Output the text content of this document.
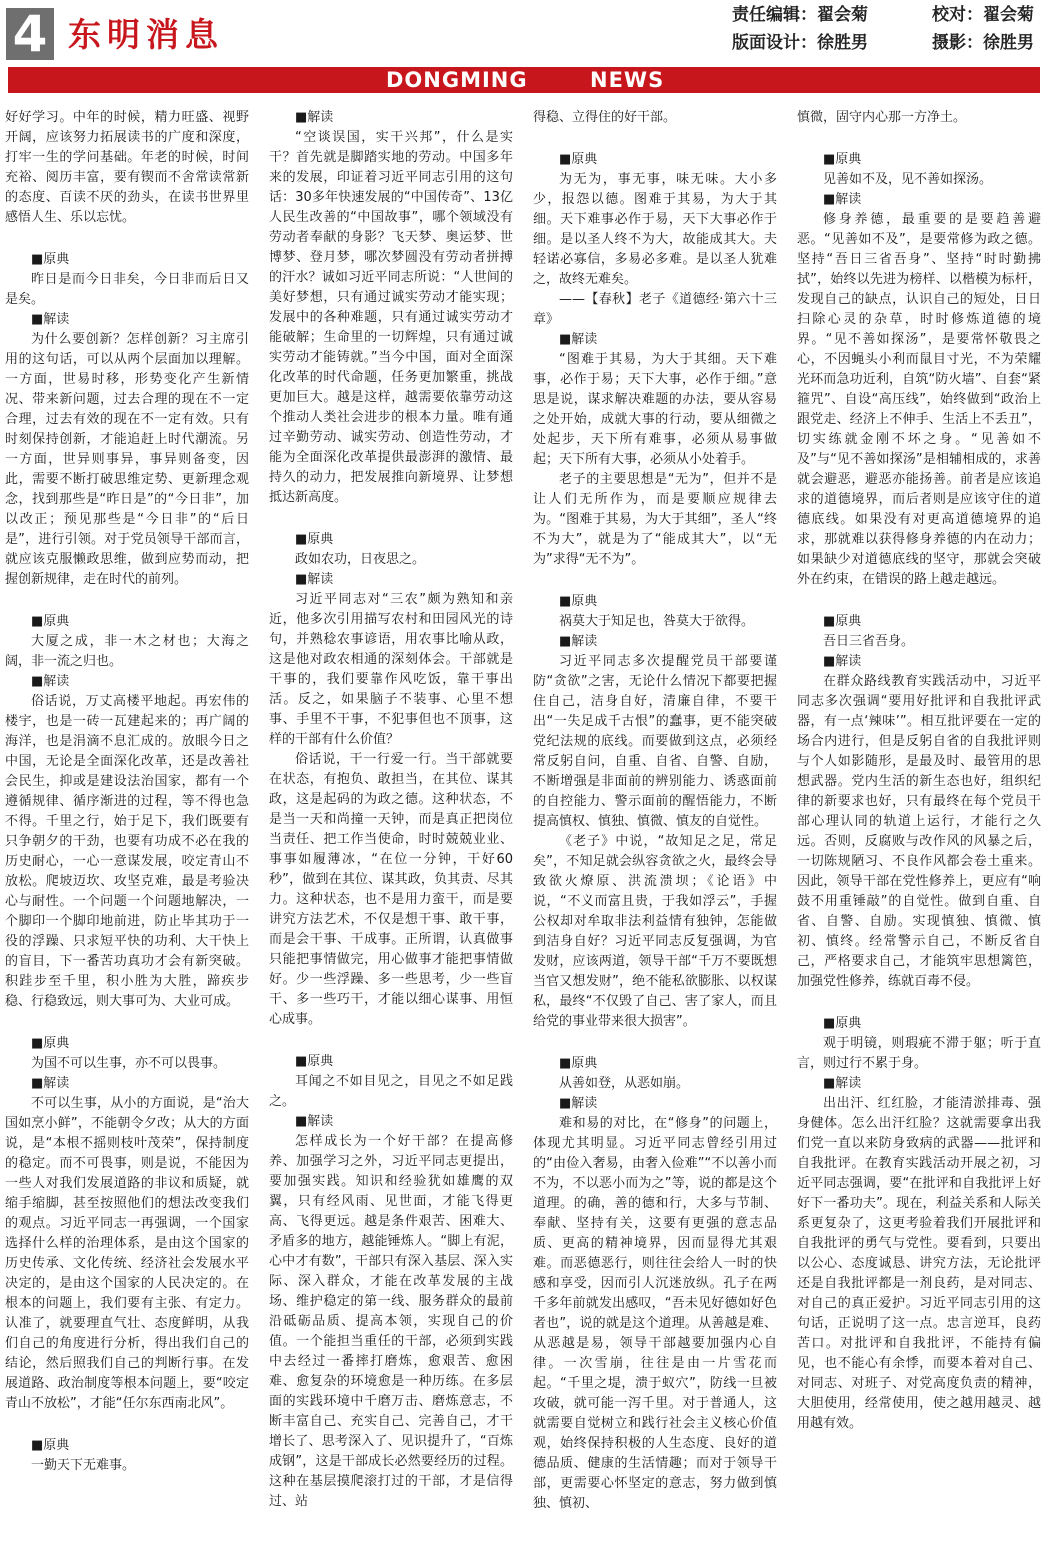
4 东明消息	责任编辑：翟会菊	校对：翟会菊
版面设计：徐胜男	摄影：徐胜男
DONGMING	NEWS

好好学习。中年的时候，精力旺盛、视野开阔，应该努力拓展读书的广度和深度，打牢一生的学问基础。年老的时候，时间充裕、阅历丰富，要有锲而不舍常读常新的态度、百读不厌的劲头，在读书世界里感悟人生、乐以忘忧。

■原典

昨日是而今日非矣，今日非而后日又是矣。

■解读

为什么要创新？怎样创新？习主席引用的这句话，可以从两个层面加以理解。一方面，世易时移，形势变化产生新情况、带来新问题，过去合理的现在不一定合理，过去有效的现在不一定有效。只有时刻保持创新，才能追赶上时代潮流。另一方面，世异则事异，事异则备变，因此，需要不断打破思维定势、更新理念观念，找到那些是“昨日是”的“今日非”，加以改正；预见那些是“今日非”的“后日是”，进行引领。对于党员领导干部而言，就应该克服懒政思维，做到应势而动，把握创新规律，走在时代的前列。

■原典

大厦之成，非一木之材也；大海之阔，非一流之归也。

■解读

俗话说，万丈高楼平地起。再宏伟的楼宇，也是一砖一瓦建起来的；再广阔的海洋，也是涓滴不息汇成的。放眼今日之中国，无论是全面深化改革，还是改善社会民生，抑或是建设法治国家，都有一个遵循规律、循序渐进的过程，等不得也急不得。千里之行，始于足下，我们既要有只争朝夕的干劲，也要有功成不必在我的历史耐心，一心一意谋发展，咬定青山不放松。爬坡迈坎、攻坚克难，最是考验决心与耐性。一个问题一个问题地解决，一个脚印一个脚印地前进，防止毕其功于一役的浮躁、只求短平快的功利、大干快上的盲目，下一番苦功真功才会有新突破。积跬步至千里，积小胜为大胜，蹄疾步稳、行稳致远，则大事可为、大业可成。

■原典

为国不可以生事，亦不可以畏事。

■解读

不可以生事，从小的方面说，是“治大国如烹小鲜”，不能朝令夕改；从大的方面说，是“本根不摇则枝叶茂荣”，保持制度的稳定。而不可畏事，则是说，不能因为一些人对我们发展道路的非议和质疑，就缩手缩脚，甚至按照他们的想法改变我们的观点。习近平同志一再强调，一个国家选择什么样的治理体系，是由这个国家的历史传承、文化传统、经济社会发展水平决定的，是由这个国家的人民决定的。在根本的问题上，我们要有主张、有定力。认准了，就要理直气壮、态度鲜明，从我们自己的角度进行分析，得出我们自己的结论，然后照我们自己的判断行事。在发展道路、政治制度等根本问题上，要“咬定青山不放松”，才能“任尔东西南北风”。

■原典

一勤天下无难事。

■解读

“空谈误国，实干兴邦”，什么是实干？首先就是脚踏实地的劳动。中国多年来的发展，印证着习近平同志引用的这句话：30多年快速发展的“中国传奇”、13亿人民生改善的“中国故事”，哪个领域没有劳动者奉献的身影？飞天梦、奥运梦、世博梦、登月梦，哪次梦圆没有劳动者拼搏的汗水？诚如习近平同志所说：“人世间的美好梦想，只有通过诚实劳动才能实现；发展中的各种难题，只有通过诚实劳动才能破解；生命里的一切辉煌，只有通过诚实劳动才能铸就。”当今中国，面对全面深化改革的时代命题，任务更加繁重，挑战更加巨大。越是这样，越需要依靠劳动这个推动人类社会进步的根本力量。唯有通过辛勤劳动、诚实劳动、创造性劳动，才能为全面深化改革提供最澎湃的激情、最持久的动力，把发展推向新境界、让梦想抵达新高度。

■原典

政如农功，日夜思之。

■解读

习近平同志对“三农”颇为熟知和亲近，他多次引用描写农村和田园风光的诗句，并熟稔农事谚语，用农事比喻从政，这是他对政农相通的深刻体会。干部就是干事的，我们要靠作风吃饭，靠干事出活。反之，如果脑子不装事、心里不想事、手里不干事，不犯事但也不顶事，这样的干部有什么价值？

俗话说，干一行爱一行。当干部就要在状态，有抱负、敢担当，在其位、谋其政，这是起码的为政之德。这种状态，不是当一天和尚撞一天钟，而是真正把岗位当责任、把工作当使命，时时兢兢业业、事事如履薄冰，“在位一分钟，干好60秒”，做到在其位、谋其政，负其责、尽其力。这种状态，也不是用力蛮干，而是要讲究方法艺术，不仅是想干事、敢干事，而是会干事、干成事。正所谓，认真做事只能把事情做完，用心做事才能把事情做好。少一些浮躁、多一些思考，少一些盲干、多一些巧干，才能以细心谋事、用恒心成事。

■原典

耳闻之不如目见之，目见之不如足践之。

■解读

怎样成长为一个好干部？在提高修养、加强学习之外，习近平同志更提出，要加强实践。知识和经验犹如雄鹰的双翼，只有经风雨、见世面，才能飞得更高、飞得更远。越是条件艰苦、困难大、矛盾多的地方，越能锤炼人。“脚上有泥，心中才有数”，干部只有深入基层、深入实际、深入群众，才能在改革发展的主战场、维护稳定的第一线、服务群众的最前沿砥砺品质、提高本领，实现自己的价值。一个能担当重任的干部，必须到实践中去经过一番摔打磨炼，愈艰苦、愈困难、愈复杂的环境愈是一种历练。在多层面的实践环境中千磨万击、磨炼意志，不断丰富自己、充实自己、完善自己，才干增长了、思考深入了、见识提升了，“百炼成钢”，这是干部成长必然要经历的过程。这种在基层摸爬滚打过的干部，才是信得过、站

得稳、立得住的好干部。

■原典

为无为，事无事，味无味。大小多少，报怨以德。图难于其易，为大于其细。天下难事必作于易，天下大事必作于细。是以圣人终不为大，故能成其大。夫轻诺必寡信，多易必多难。是以圣人犹难之，故终无难矣。

——【春秋】老子《道德经·第六十三章》

■解读

“图难于其易，为大于其细。天下难事，必作于易；天下大事，必作于细。”意思是说，谋求解决难题的办法，要从容易之处开始，成就大事的行动，要从细微之处起步，天下所有难事，必须从易事做起；天下所有大事，必须从小处着手。

老子的主要思想是“无为”，但并不是让人们无所作为，而是要顺应规律去为。“图难于其易，为大于其细”，圣人“终不为大”，就是为了“能成其大”，以“无为”求得“无不为”。

■原典

祸莫大于知足也，咎莫大于欲得。

■解读

习近平同志多次提醒党员干部要谨防“贪欲”之害，无论什么情况下都要把握住自己，洁身自好，清廉自律，不要干出“一失足成千古恨”的蠢事，更不能突破党纪法规的底线。而要做到这点，必须经常反躬自问，自重、自省、自警、自励，不断增强是非面前的辨别能力、诱惑面前的自控能力、警示面前的醒悟能力，不断提高慎权、慎独、慎微、慎友的自觉性。

《老子》中说，“故知足之足，常足矣”，不知足就会纵容贪欲之火，最终会导致欲火燎原、洪流溃坝；《论语》中说，“不义而富且贵，于我如浮云”，手握公权却对牟取非法利益情有独钟，怎能做到洁身自好？习近平同志反复强调，为官发财，应该两道，领导干部“千万不要既想当官又想发财”，绝不能私欲膨胀、以权谋私，最终“不仅毁了自己、害了家人，而且给党的事业带来很大损害”。

■原典

从善如登，从恶如崩。

■解读

难和易的对比，在“修身”的问题上，体现尤其明显。习近平同志曾经引用过的“由俭入奢易，由奢入俭难”“不以善小而不为，不以恶小而为之”等，说的都是这个道理。的确，善的德和行，大多与节制、奉献、坚持有关，这要有更强的意志品质、更高的精神境界，因而显得尤其艰难。而恶德恶行，则往往会给人一时的快感和享受，因而引人沉迷放纵。孔子在两千多年前就发出感叹，“吾未见好德如好色者也”，说的就是这个道理。从善越是难、从恶越是易，领导干部越要加强内心自律。一次雪崩，往往是由一片雪花而起。“千里之堤，溃于蚁穴”，防线一旦被攻破，就可能一泻千里。对于普通人，这就需要自觉树立和践行社会主义核心价值观，始终保持积极的人生态度、良好的道德品质、健康的生活情趣；而对于领导干部，更需要心怀坚定的意志，努力做到慎独、慎初、

慎微，固守内心那一方净土。

■原典

见善如不及，见不善如探汤。

■解读

修身养德，最重要的是要趋善避恶。“见善如不及”，是要常修为政之德。坚持“吾日三省吾身”、坚持“时时勤拂拭”，始终以先进为榜样、以楷模为标杆，发现自己的缺点，认识自己的短处，日日扫除心灵的杂草，时时修炼道德的境界。“见不善如探汤”，是要常怀敬畏之心，不因蝇头小利而鼠目寸光，不为荣耀光环而急功近利，自筑“防火墙”、自套“紧箍咒”、自设“高压线”，始终做到“政治上跟党走、经济上不伸手、生活上不丢丑”，切实练就金刚不坏之身。“见善如不及”与“见不善如探汤”是相辅相成的，求善就会避恶，避恶亦能扬善。前者是应该追求的道德境界，而后者则是应该守住的道德底线。如果没有对更高道德境界的追求，那就难以获得修身养德的内在动力；如果缺少对道德底线的坚守，那就会突破外在约束，在错误的路上越走越远。

■原典

吾日三省吾身。

■解读

在群众路线教育实践活动中，习近平同志多次强调“要用好批评和自我批评武器，有一点‘辣味’”。相互批评要在一定的场合内进行，但是反躬自省的自我批评则与个人如影随形，是最及时、最管用的思想武器。党内生活的新生态也好，组织纪律的新要求也好，只有最终在每个党员干部心理认同的轨道上运行，才能行之久远。否则，反腐败与改作风的风暴之后，一切陈规陋习、不良作风都会卷土重来。因此，领导干部在党性修养上，更应有“响鼓不用重锤敲”的自觉性。做到自重、自省、自警、自励。实现慎独、慎微、慎初、慎终。经常警示自己，不断反省自己，严格要求自己，才能筑牢思想篱笆，加强党性修养，练就百毒不侵。

■原典

观于明镜，则瑕疵不滞于躯；听于直言，则过行不累于身。

■解读

出出汗、红红脸，才能清淤排毒、强身健体。怎么出汗红脸？这就需要拿出我们党一直以来防身致病的武器——批评和自我批评。在教育实践活动开展之初，习近平同志强调，要“在批评和自我批评上好好下一番功夫”。现在，利益关系和人际关系更复杂了，这更考验着我们开展批评和自我批评的勇气与党性。要看到，只要出以公心、态度诚恳、讲究方法，无论批评还是自我批评都是一剂良药，是对同志、对自己的真正爱护。习近平同志引用的这句话，正说明了这一点。忠言逆耳，良药苦口。对批评和自我批评，不能持有偏见，也不能心有余悸，而要本着对自己、对同志、对班子、对党高度负责的精神，大胆使用，经常使用，使之越用越灵、越用越有效。
